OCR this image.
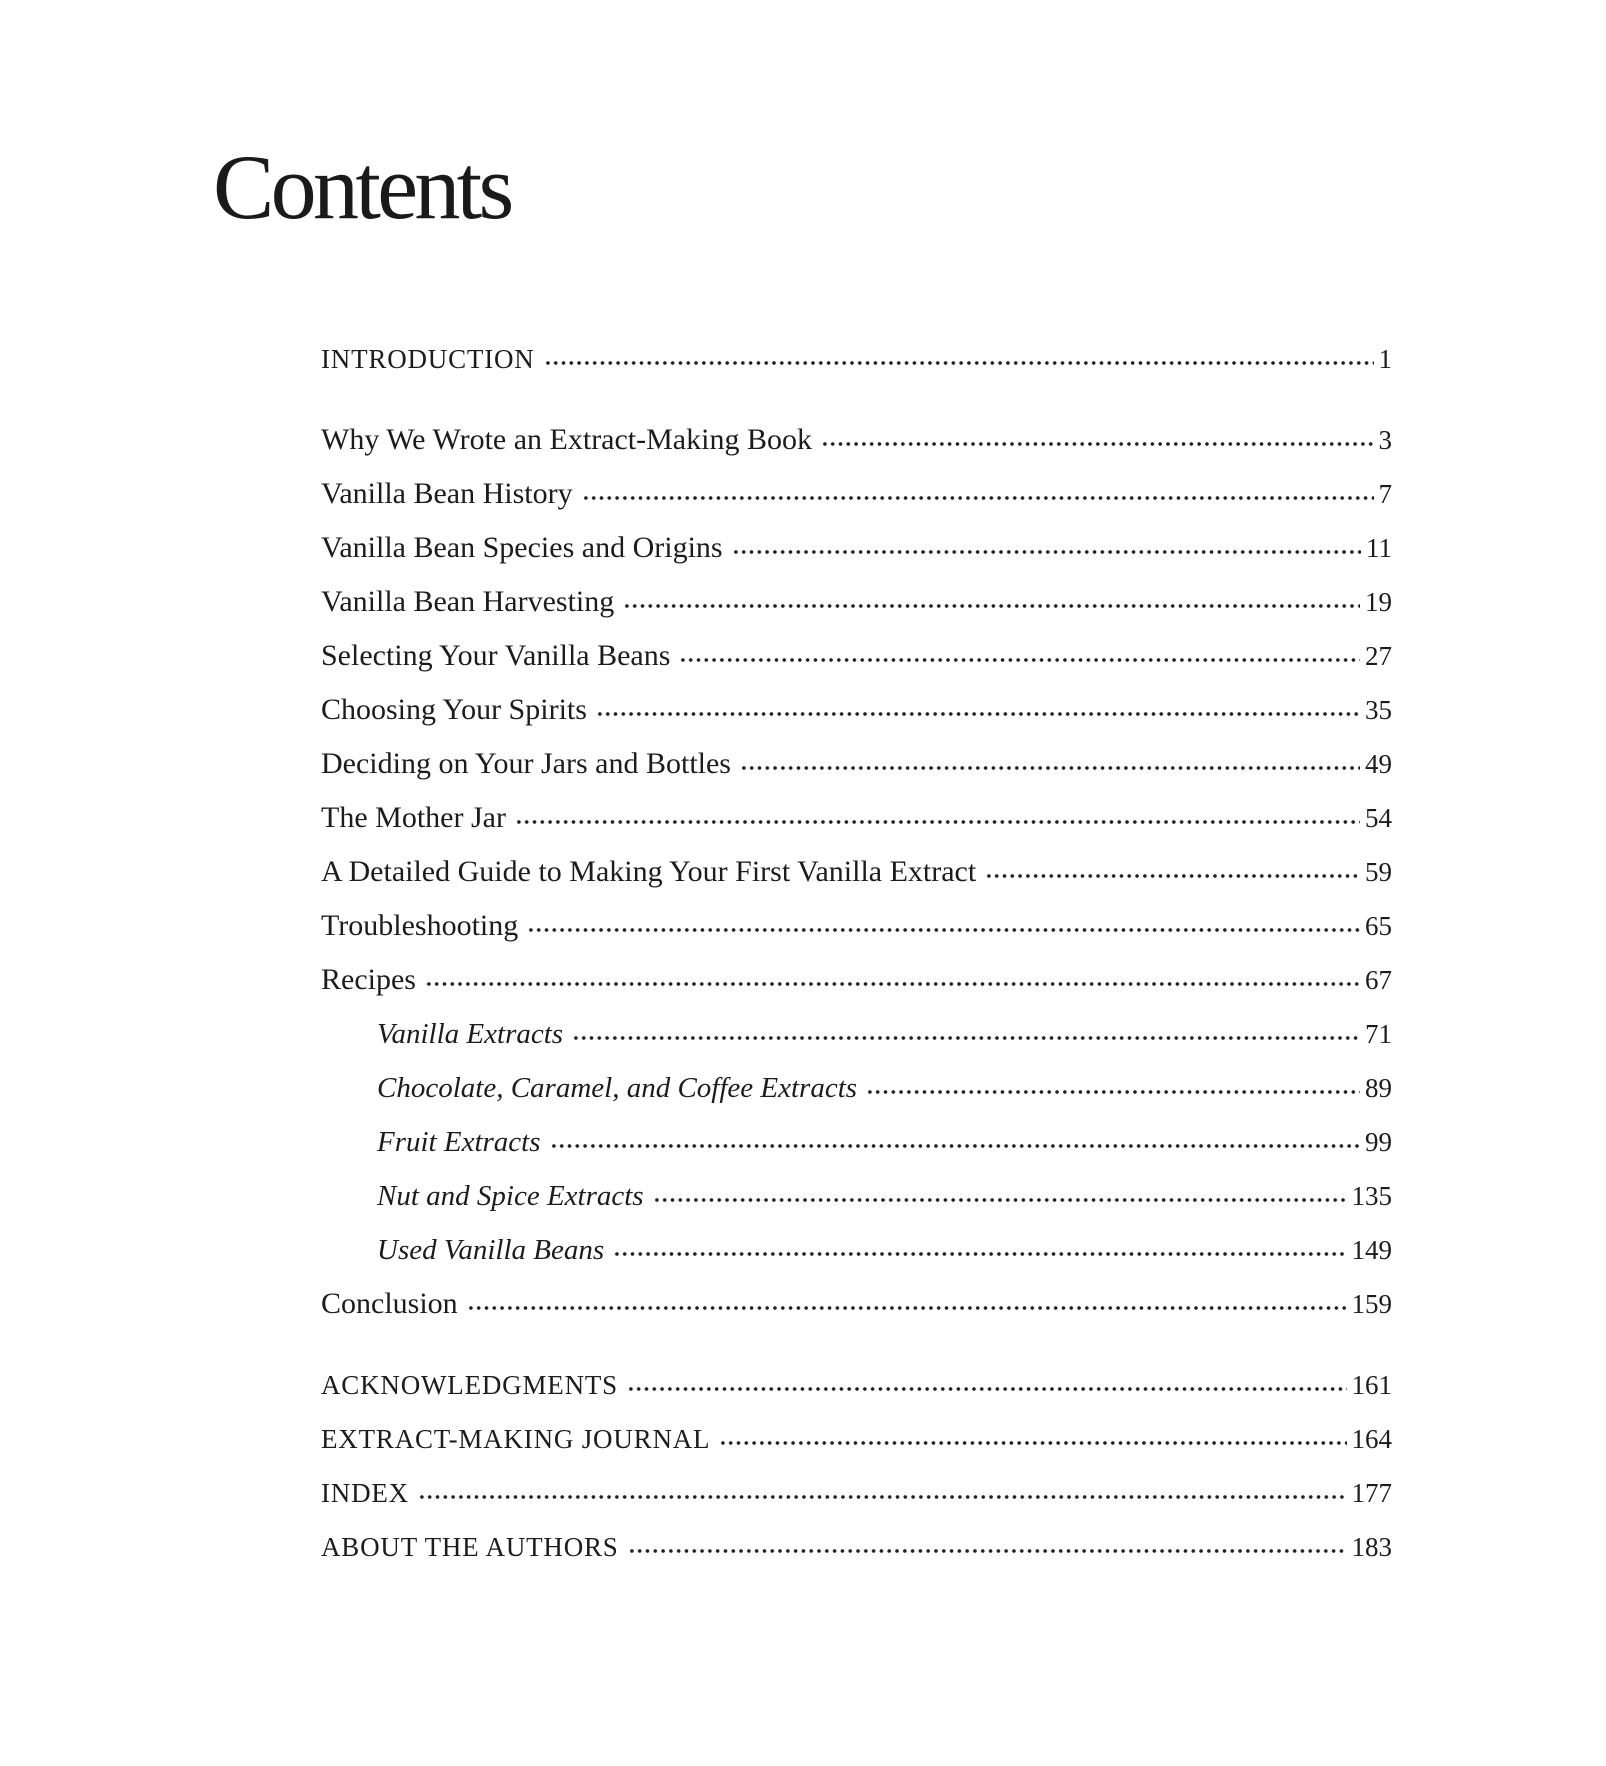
Contents
INTRODUCTION	1
Why We Wrote an Extract-Making Book	3
Vanilla Bean History	7
Vanilla Bean Species and Origins	11
Vanilla Bean Harvesting	19
Selecting Your Vanilla Beans	27
Choosing Your Spirits	35
Deciding on Your Jars and Bottles	49
The Mother Jar	54
A Detailed Guide to Making Your First Vanilla Extract	59
Troubleshooting	65
Recipes	67
Vanilla Extracts	71
Chocolate, Caramel, and Coffee Extracts	89
Fruit Extracts	99
Nut and Spice Extracts	135
Used Vanilla Beans	149
Conclusion	159
ACKNOWLEDGMENTS	161
EXTRACT-MAKING JOURNAL	164
INDEX	177
ABOUT THE AUTHORS	183
